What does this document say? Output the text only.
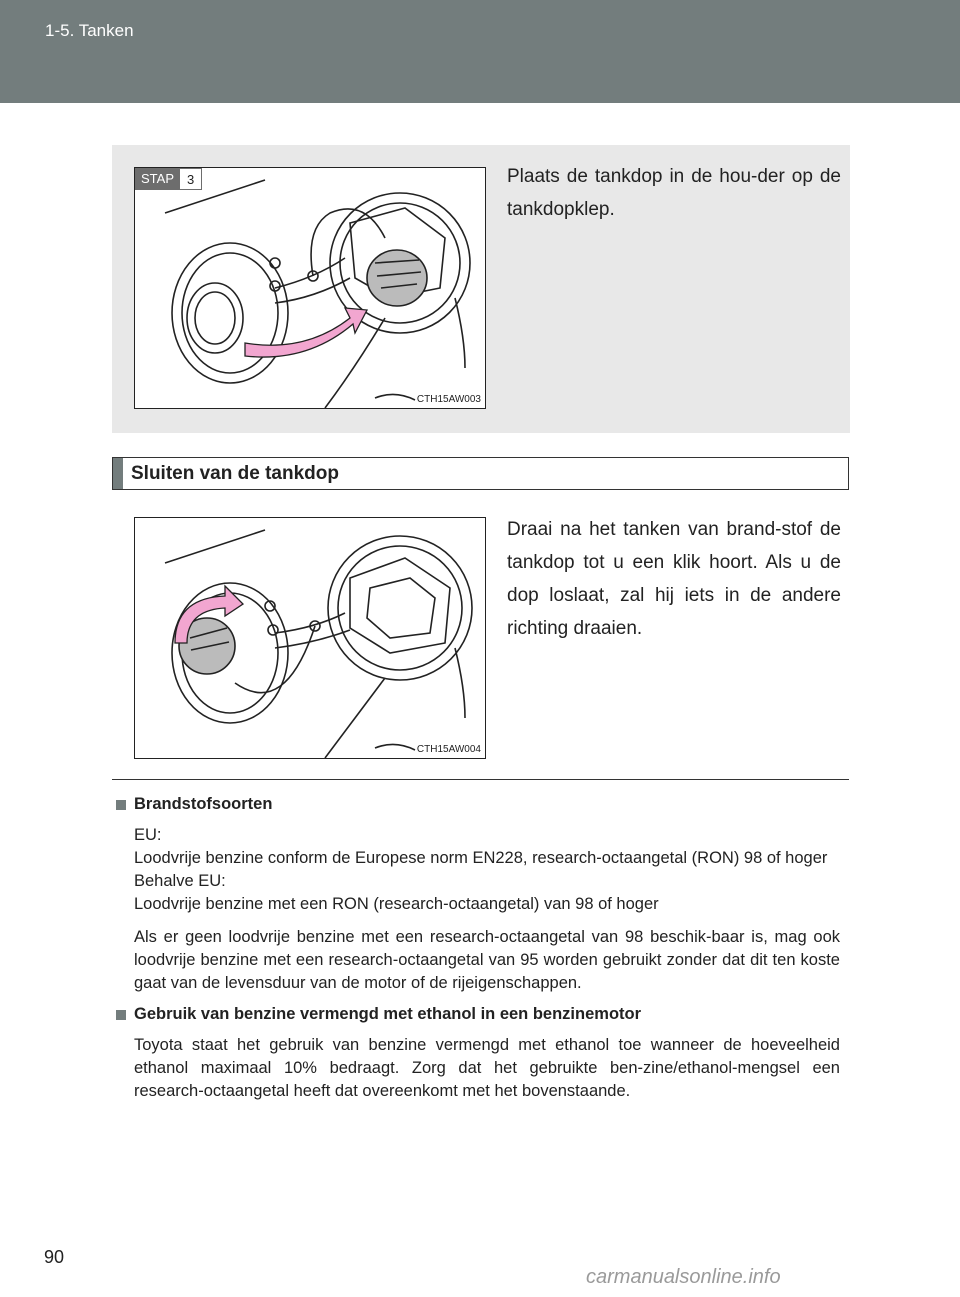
1-5. Tanken
STAP	3
CTH15AW003
Plaats de tankdop in de hou-der op de tankdopklep.
Sluiten van de tankdop
CTH15AW004
Draai na het tanken van brand-stof de tankdop tot u een klik hoort. Als u de dop loslaat, zal hij iets in de andere richting draaien.
Brandstofsoorten
EU:
Loodvrije benzine conform de Europese norm EN228, research-octaangetal (RON) 98 of hoger
Behalve EU:
Loodvrije benzine met een RON (research-octaangetal) van 98 of hoger
Als er geen loodvrije benzine met een research-octaangetal van 98 beschik-baar is, mag ook loodvrije benzine met een research-octaangetal van 95 worden gebruikt zonder dat dit ten koste gaat van de levensduur van de motor of de rijeigenschappen.
Gebruik van benzine vermengd met ethanol in een benzinemotor
Toyota staat het gebruik van benzine vermengd met ethanol toe wanneer de hoeveelheid ethanol maximaal 10% bedraagt. Zorg dat het gebruikte ben-zine/ethanol-mengsel een research-octaangetal heeft dat overeenkomt met het bovenstaande.
90
carmanualsonline.info
